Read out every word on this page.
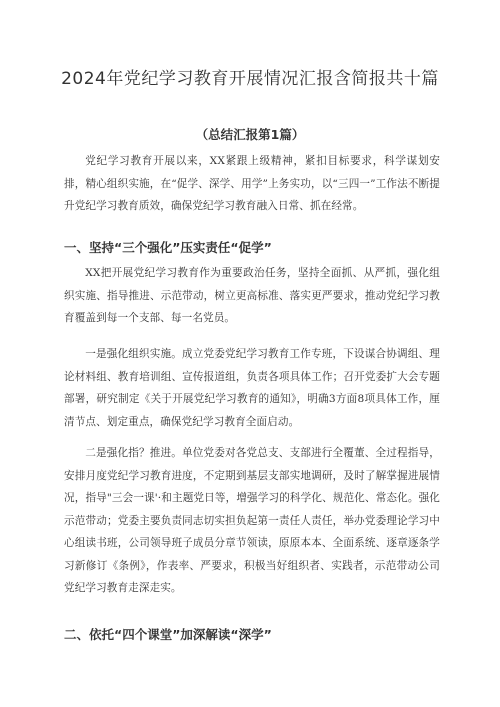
2024年党纪学习教育开展情况汇报含简报共十篇
（总结汇报第1篇）

党纪学习教育开展以来，XX紧跟上级精神，紧扣目标要求，科学谋划安排，精心组织实施，在“促学、深学、用学”上务实功，以“三四一”工作法不断提升党纪学习教育质效，确保党纪学习教育融入日常、抓在经常。

一、坚持“三个强化”压实责任“促学”

XX把开展党纪学习教育作为重要政治任务，坚持全面抓、从严抓，强化组织实施、指导推进、示范带动，树立更高标准、落实更严要求，推动党纪学习教育覆盖到每一个支部、每一名党员。

一是强化组织实施。成立党委党纪学习教育工作专班，下设谋合协调组、理论材料组、教育培训组、宣传报道组，负责各项具体工作；召开党委扩大会专题部署，研究制定《关于开展党纪学习教育的通知》，明确3方面8项具体工作，厘清节点、划定重点，确保党纪学习教育全面启动。

二是强化指？推进。单位党委对各党总支、支部进行全覆董、全过程指导，安排月度党纪学习教育进度，不定期到基层支部实地调研，及时了解掌握进展情况，指导"三会一课'·和主题党日等，增强学习的科学化、规范化、常态化。强化示范带动；党委主要负责同志切实担负起第一责任人责任，举办党委理论学习中心组读书班，公司领导班子成员分章节领读，原原本本、全面系统、逐章逐条学习新修订《条例》，作表率、严要求，积极当好组织者、实践者，示范带动公司党纪学习教育走深走实。

二、依托“四个课堂”加深解读“深学”
